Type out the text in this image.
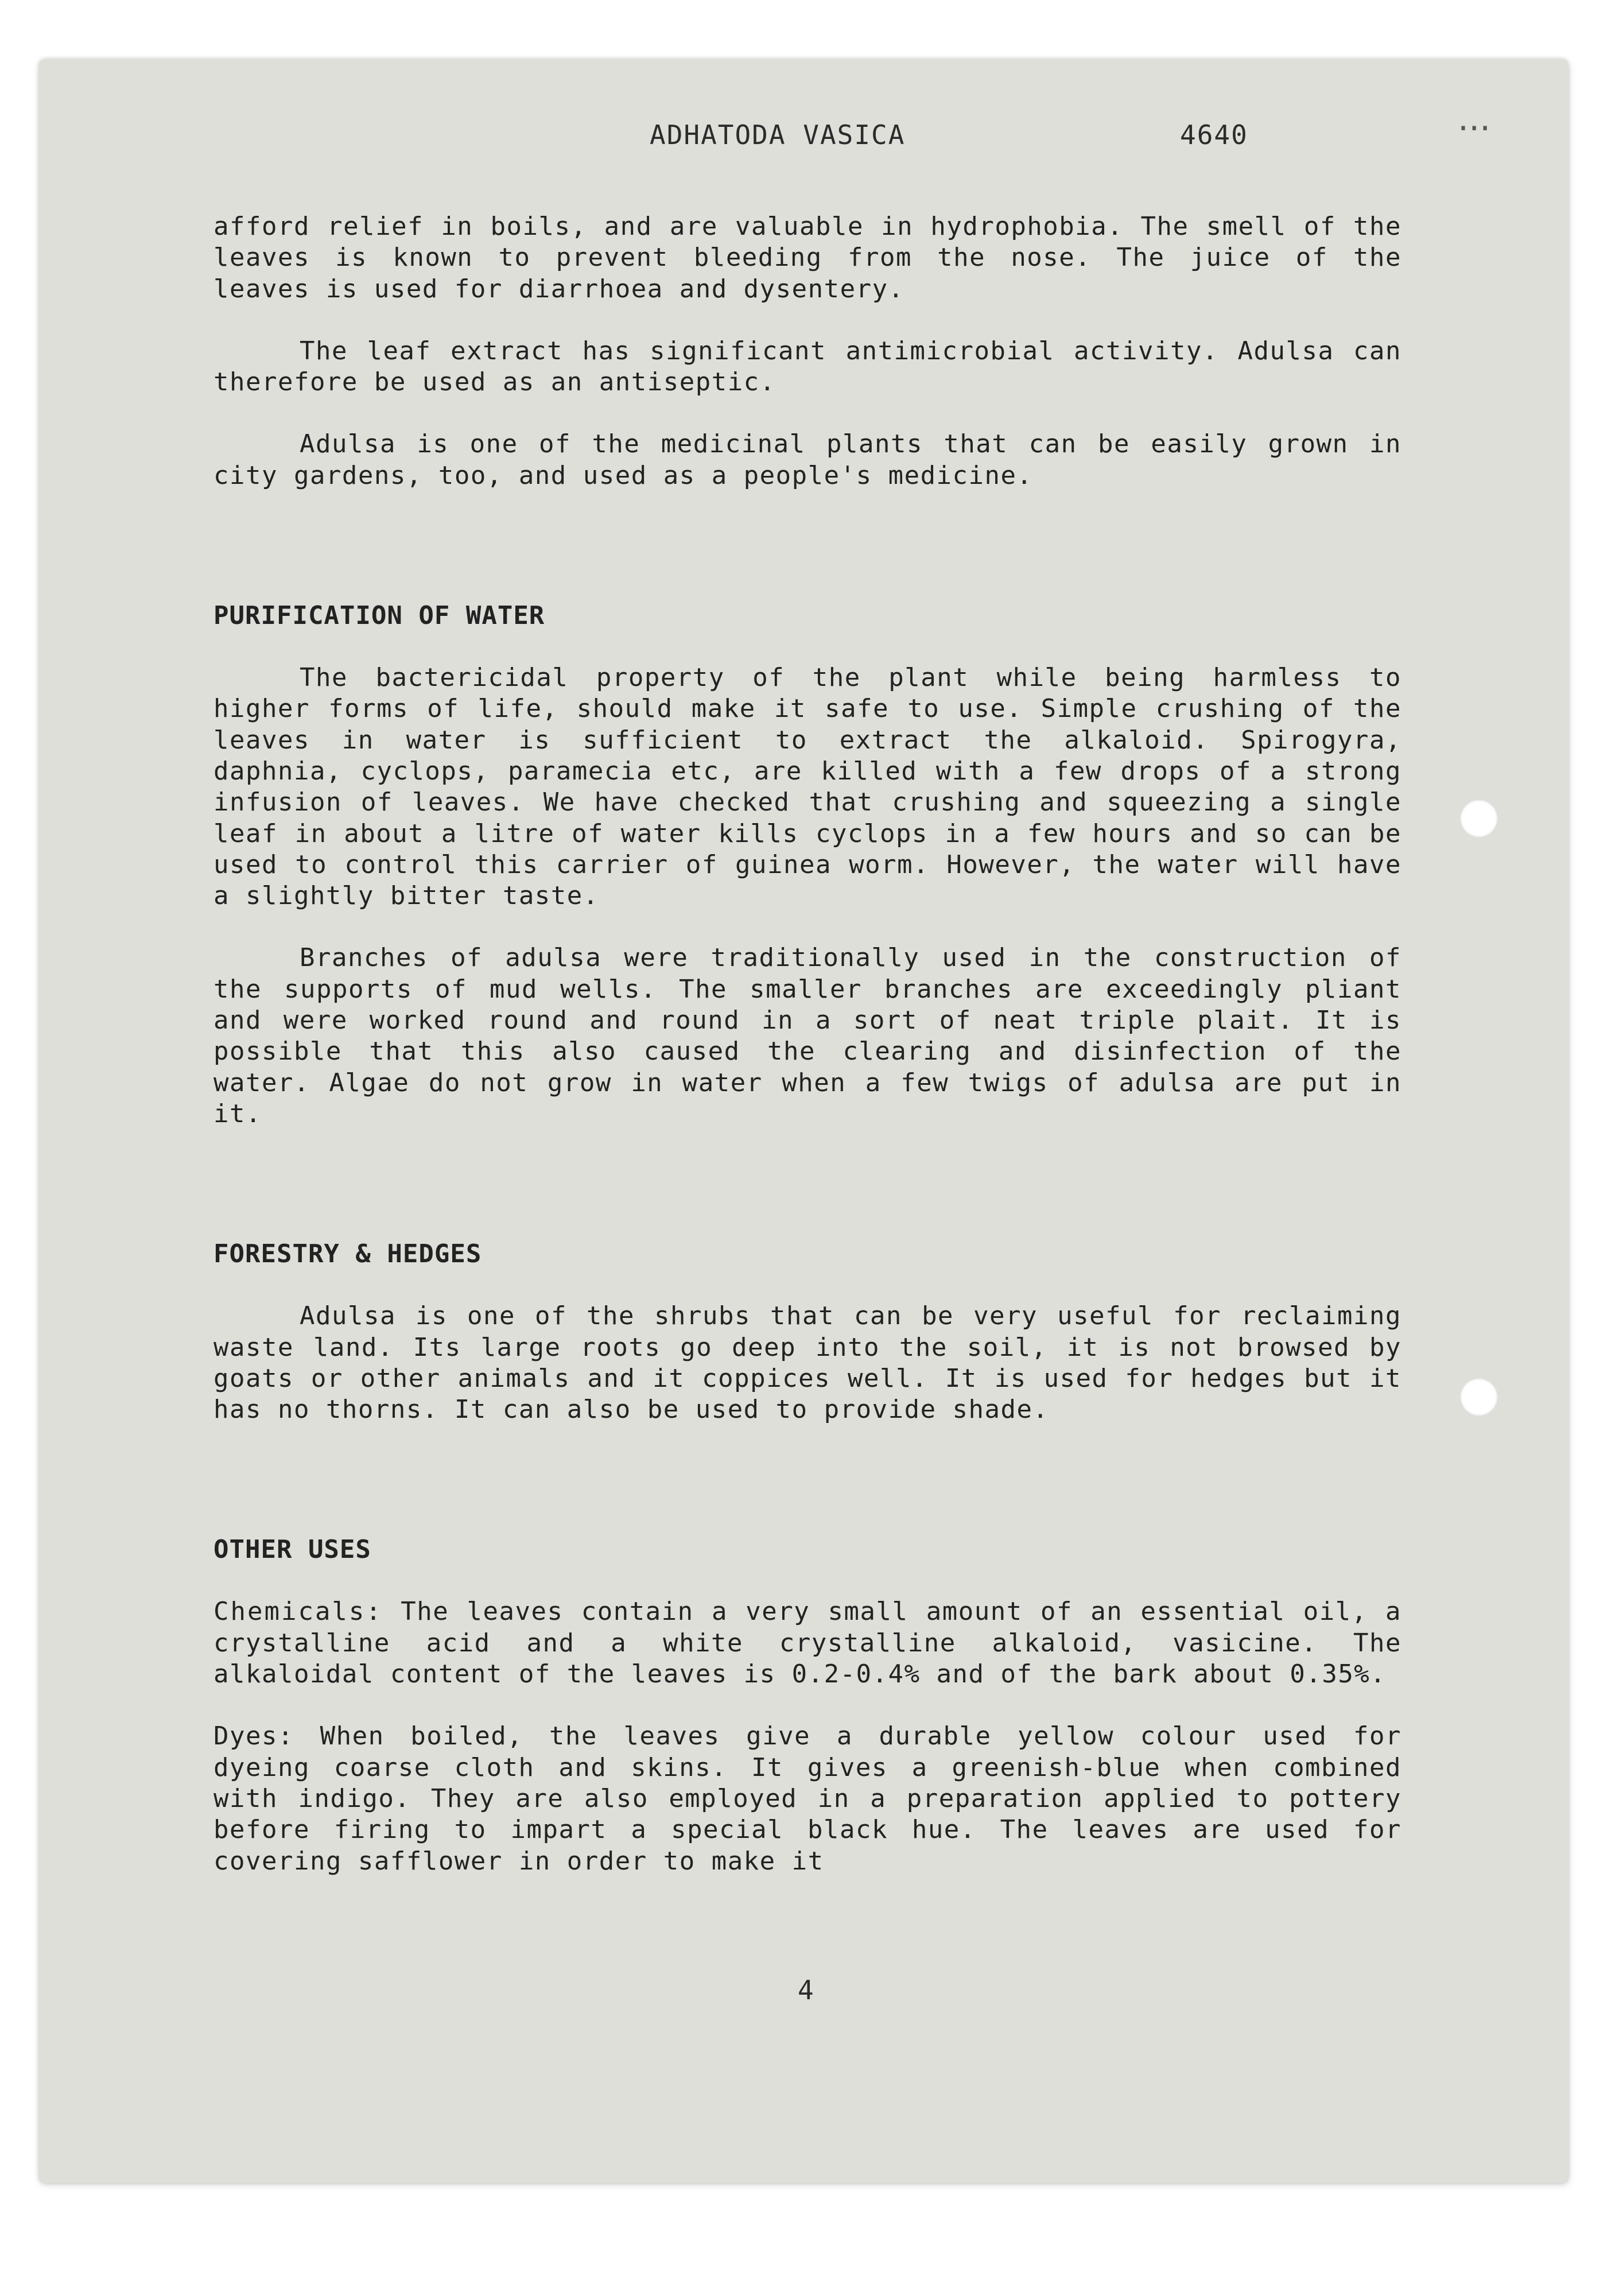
‧‧‧
ADHATODA VASICA	4640

afford relief in boils, and are valuable in hydrophobia. The smell of the leaves is known to prevent bleeding from the nose. The juice of the leaves is used for diarrhoea and dysentery.

The leaf extract has significant antimicrobial activity. Adulsa can therefore be used as an antiseptic.

Adulsa is one of the medicinal plants that can be easily grown in city gardens, too, and used as a people's medicine.

PURIFICATION OF WATER

The bactericidal property of the plant while being harmless to higher forms of life, should make it safe to use. Simple crushing of the leaves in water is sufficient to extract the alkaloid. Spirogyra, daphnia, cyclops, paramecia etc, are killed with a few drops of a strong infusion of leaves. We have checked that crushing and squeezing a single leaf in about a litre of water kills cyclops in a few hours and so can be used to control this carrier of guinea worm. However, the water will have a slightly bitter taste.

Branches of adulsa were traditionally used in the construction of the supports of mud wells. The smaller branches are exceedingly pliant and were worked round and round in a sort of neat triple plait. It is possible that this also caused the clearing and disinfection of the water. Algae do not grow in water when a few twigs of adulsa are put in it.

FORESTRY & HEDGES

Adulsa is one of the shrubs that can be very useful for reclaiming waste land. Its large roots go deep into the soil, it is not browsed by goats or other animals and it coppices well. It is used for hedges but it has no thorns. It can also be used to provide shade.

OTHER USES

Chemicals: The leaves contain a very small amount of an essential oil, a crystalline acid and a white crystalline alkaloid, vasicine. The alkaloidal content of the leaves is 0.2-0.4% and of the bark about 0.35%.

Dyes: When boiled, the leaves give a durable yellow colour used for dyeing coarse cloth and skins. It gives a greenish-blue when combined with indigo. They are also employed in a preparation applied to pottery before firing to impart a special black hue. The leaves are used for covering safflower in order to make it

4
